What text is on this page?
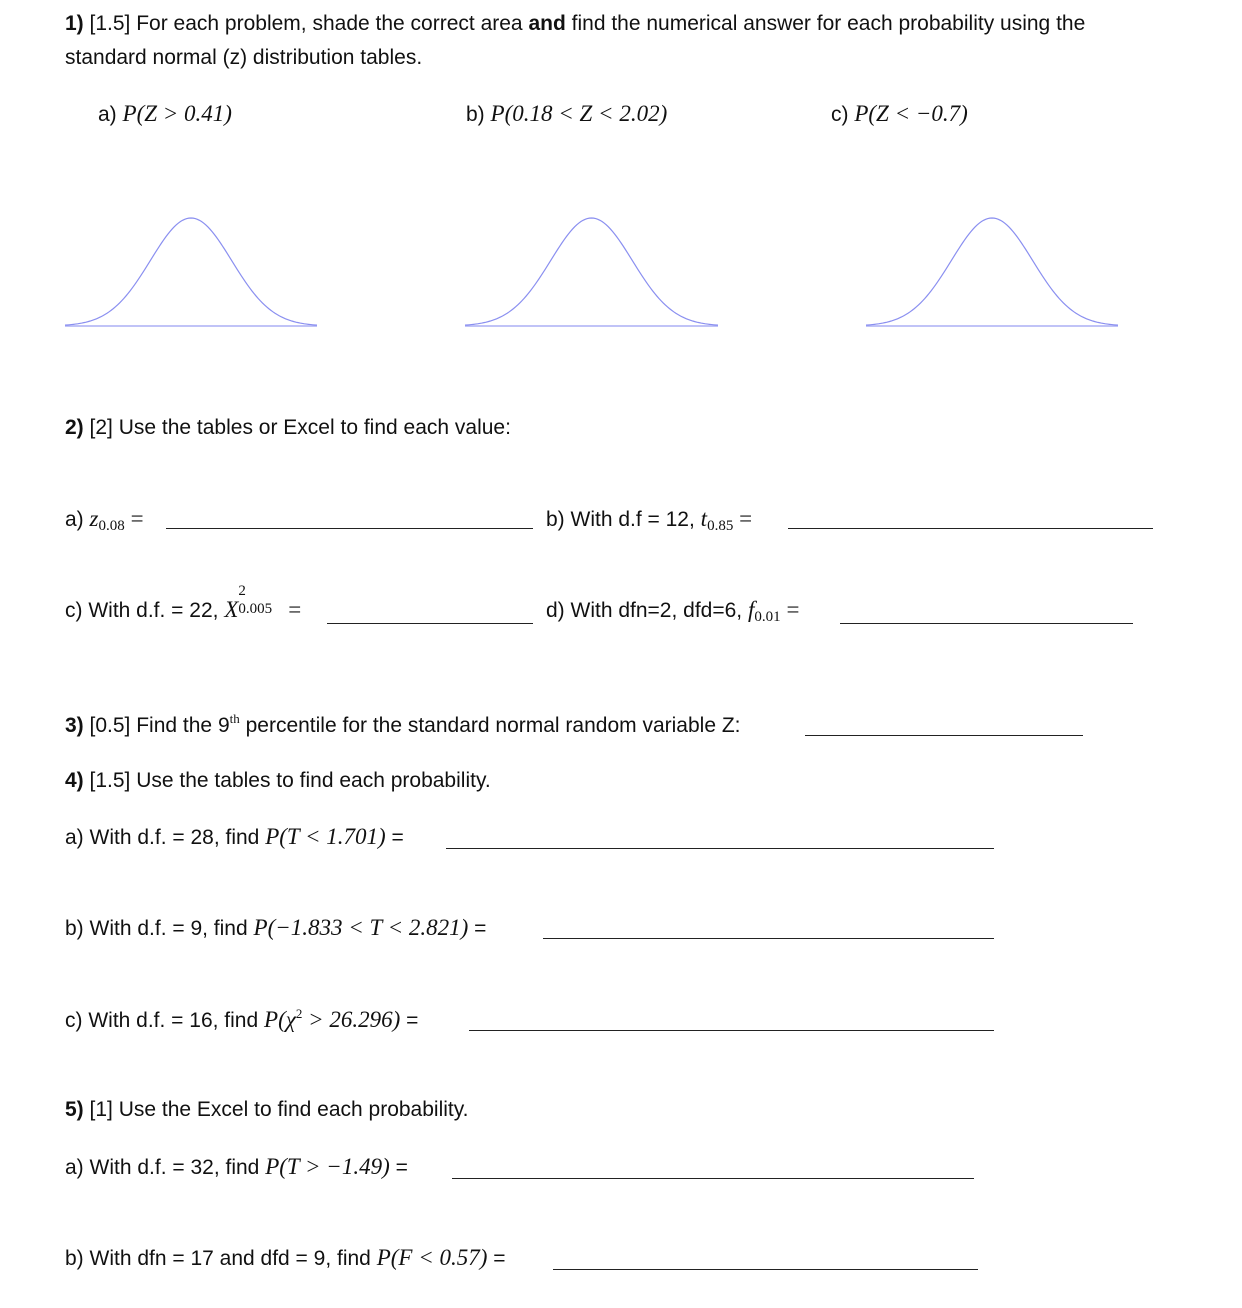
1) [1.5] For each problem, shade the correct area and find the numerical answer for each probability using the
standard normal (z) distribution tables.
a) P(Z > 0.41)	b) P(0.18 < Z < 2.02)	c) P(Z < −0.7)
2) [2] Use the tables or Excel to find each value:
a) $z_{0.08}$ =	b) With d.f = 12, $t_{0.85}$ =
c) With d.f. = 22, X
2
0.005 =	d) With dfn=2, dfd=6, $f_{0.01}$ =
3) [0.5] Find the 9th percentile for the standard normal random variable Z:
4) [1.5] Use the tables to find each probability.
a) With d.f. = 28, find P(T < 1.701) =
b) With d.f. = 9, find P(−1.833 < T < 2.821) =
c) With d.f. = 16, find $P(\chi^2 > 26.296)$ =
5) [1] Use the Excel to find each probability.
a) With d.f. = 32, find P(T > −1.49) =
b) With dfn = 17 and dfd = 9, find P(F < 0.57) =
